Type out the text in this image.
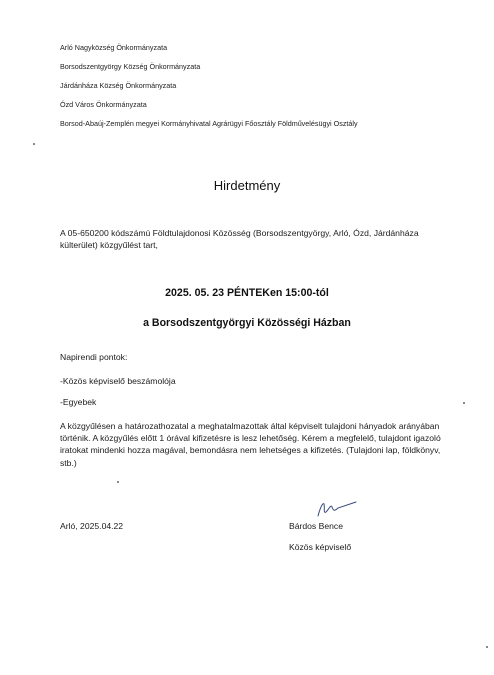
Arló Nagyközség Önkormányzata
Borsodszentgyörgy Község Önkormányzata
Járdánháza Község Önkormányzata
Ózd Város Önkormányzata
Borsod-Abaúj-Zemplén megyei Kormányhivatal Agrárügyi Főosztály Földművelésügyi Osztály
Hirdetmény
A 05-650200 kódszámú Földtulajdonosi Közösség (Borsodszentgyörgy, Arló, Ózd, Járdánháza külterület) közgyűlést tart,
2025. 05. 23 PÉNTEKen 15:00-tól
a Borsodszentgyörgyi Közösségi Házban
Napirendi pontok:
-Közös képviselő beszámolója
-Egyebek
A közgyűlésen a határozathozatal a meghatalmazottak által képviselt tulajdoni hányadok arányában történik. A közgyűlés előtt 1 órával kifizetésre is lesz lehetőség. Kérem a megfelelő, tulajdont igazoló iratokat mindenki hozza magával, bemondásra nem lehetséges a kifizetés. (Tulajdoni lap, földkönyv, stb.)
Arló, 2025.04.22	Bárdos Bence
Közös képviselő
